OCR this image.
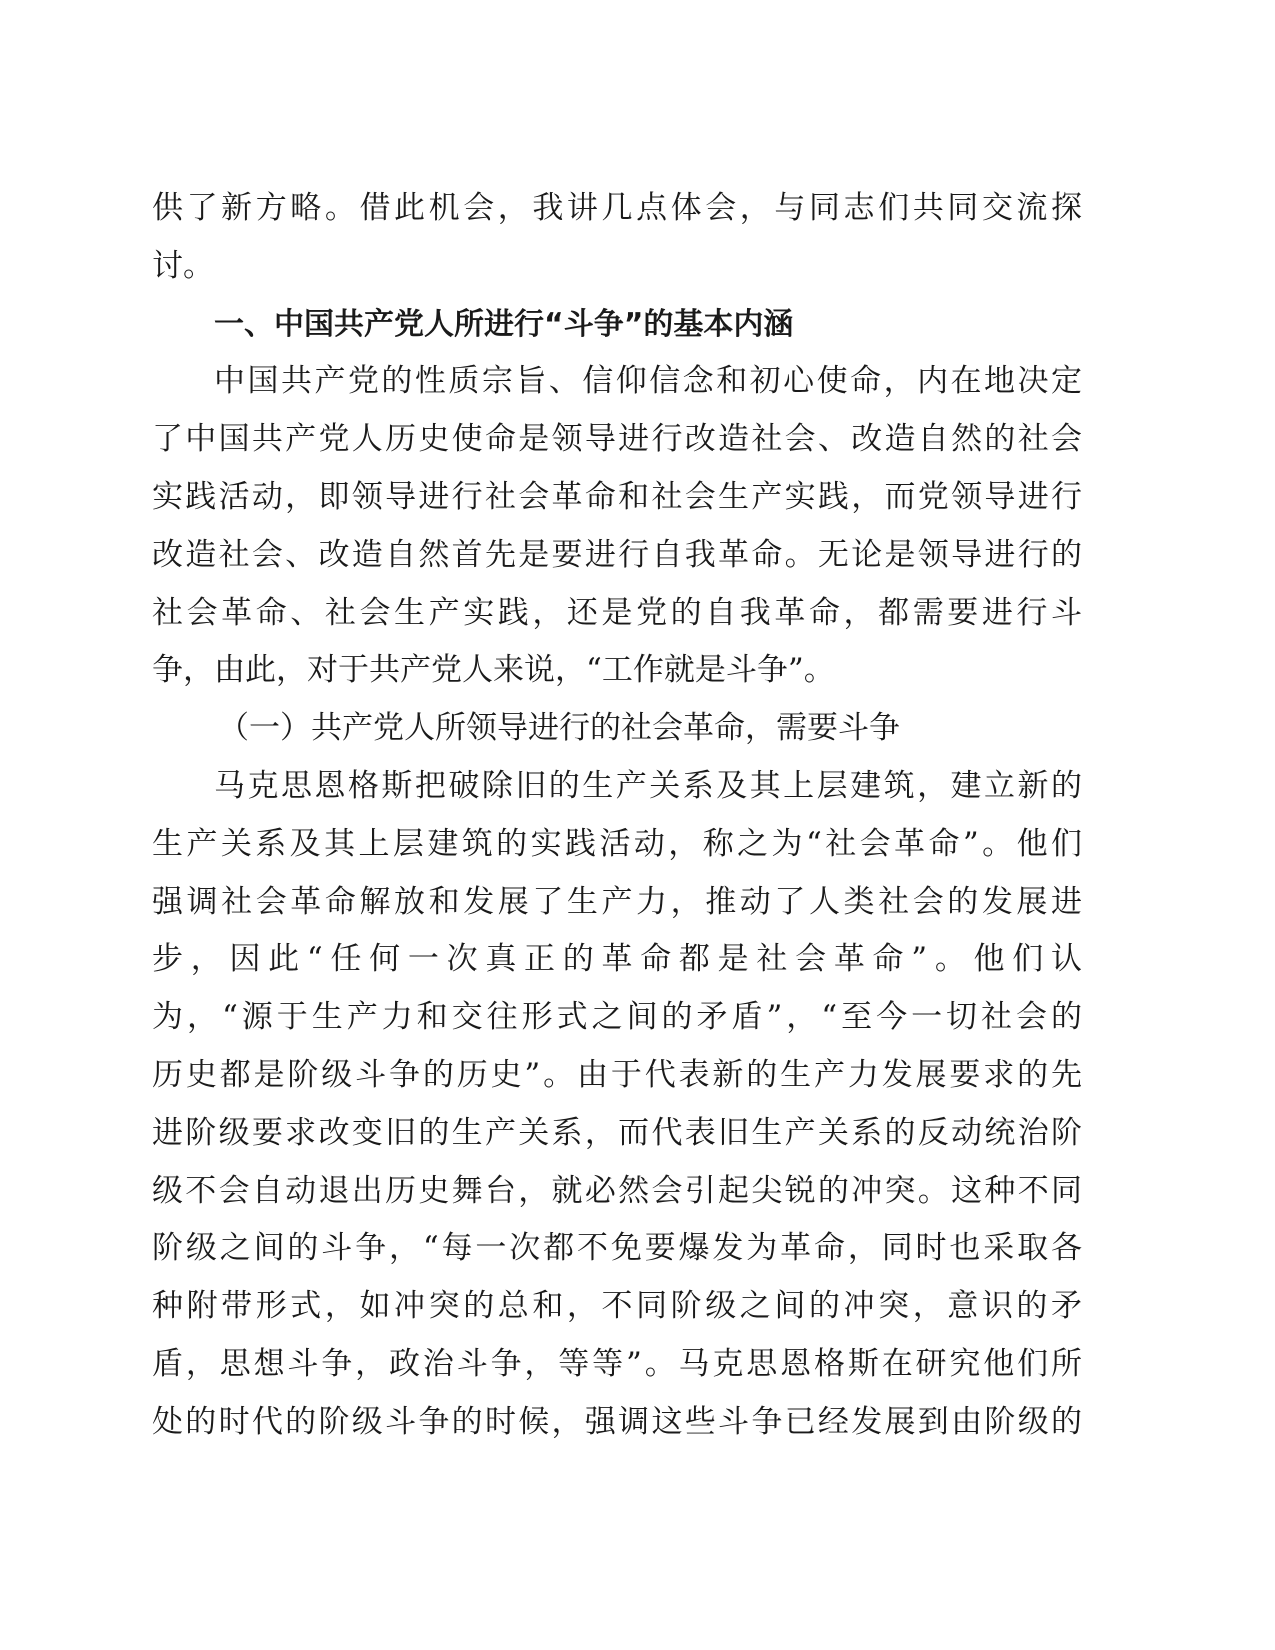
供了新方略。借此机会，我讲几点体会，与同志们共同交流探
讨。
一、中国共产党人所进行“斗争”的基本内涵
中国共产党的性质宗旨、信仰信念和初心使命，内在地决定
了中国共产党人历史使命是领导进行改造社会、改造自然的社会
实践活动，即领导进行社会革命和社会生产实践，而党领导进行
改造社会、改造自然首先是要进行自我革命。无论是领导进行的
社会革命、社会生产实践，还是党的自我革命，都需要进行斗
争，由此，对于共产党人来说，“工作就是斗争”。
（一）共产党人所领导进行的社会革命，需要斗争
马克思恩格斯把破除旧的生产关系及其上层建筑，建立新的
生产关系及其上层建筑的实践活动，称之为“社会革命”。他们
强调社会革命解放和发展了生产力，推动了人类社会的发展进
步，因此“任何一次真正的革命都是社会革命”。他们认
为，“源于生产力和交往形式之间的矛盾”，“至今一切社会的
历史都是阶级斗争的历史”。由于代表新的生产力发展要求的先
进阶级要求改变旧的生产关系，而代表旧生产关系的反动统治阶
级不会自动退出历史舞台，就必然会引起尖锐的冲突。这种不同
阶级之间的斗争，“每一次都不免要爆发为革命，同时也采取各
种附带形式，如冲突的总和，不同阶级之间的冲突，意识的矛
盾，思想斗争，政治斗争，等等”。马克思恩格斯在研究他们所
处的时代的阶级斗争的时候，强调这些斗争已经发展到由阶级的
